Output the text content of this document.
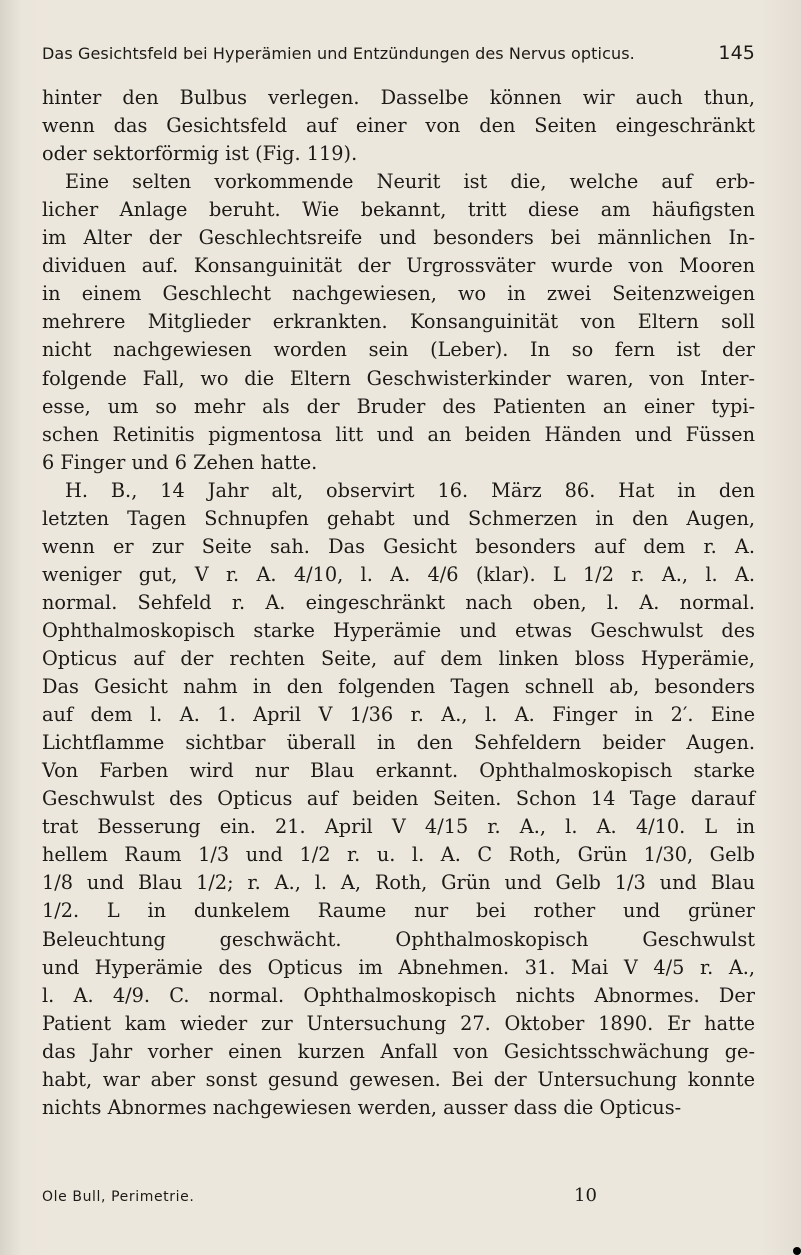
Das Gesichtsfeld bei Hyperämien und Entzündungen des Nervus opticus.	145
hinter den Bulbus verlegen. Dasselbe können wir auch thun,
wenn das Gesichtsfeld auf einer von den Seiten eingeschränkt
oder sektorförmig ist (Fig. 119).
Eine selten vorkommende Neurit ist die, welche auf erb-
licher Anlage beruht. Wie bekannt, tritt diese am häufigsten
im Alter der Geschlechtsreife und besonders bei männlichen In-
dividuen auf. Konsanguinität der Urgrossväter wurde von Mooren
in einem Geschlecht nachgewiesen, wo in zwei Seitenzweigen
mehrere Mitglieder erkrankten. Konsanguinität von Eltern soll
nicht nachgewiesen worden sein (Leber). In so fern ist der
folgende Fall, wo die Eltern Geschwisterkinder waren, von Inter-
esse, um so mehr als der Bruder des Patienten an einer typi-
schen Retinitis pigmentosa litt und an beiden Händen und Füssen
6 Finger und 6 Zehen hatte.
H. B., 14 Jahr alt, observirt 16. März 86. Hat in den
letzten Tagen Schnupfen gehabt und Schmerzen in den Augen,
wenn er zur Seite sah. Das Gesicht besonders auf dem r. A.
weniger gut, V r. A. 4/10, l. A. 4/6 (klar). L 1/2 r. A., l. A.
normal. Sehfeld r. A. eingeschränkt nach oben, l. A. normal.
Ophthalmoskopisch starke Hyperämie und etwas Geschwulst des
Opticus auf der rechten Seite, auf dem linken bloss Hyperämie,
Das Gesicht nahm in den folgenden Tagen schnell ab, besonders
auf dem l. A. 1. April V 1/36 r. A., l. A. Finger in 2′. Eine
Lichtflamme sichtbar überall in den Sehfeldern beider Augen.
Von Farben wird nur Blau erkannt. Ophthalmoskopisch starke
Geschwulst des Opticus auf beiden Seiten. Schon 14 Tage darauf
trat Besserung ein. 21. April V 4/15 r. A., l. A. 4/10. L in
hellem Raum 1/3 und 1/2 r. u. l. A. C Roth, Grün 1/30, Gelb
1/8 und Blau 1/2; r. A., l. A, Roth, Grün und Gelb 1/3 und Blau
1/2. L in dunkelem Raume nur bei rother und grüner
Beleuchtung geschwächt. Ophthalmoskopisch Geschwulst
und Hyperämie des Opticus im Abnehmen. 31. Mai V 4/5 r. A.,
l. A. 4/9. C. normal. Ophthalmoskopisch nichts Abnormes. Der
Patient kam wieder zur Untersuchung 27. Oktober 1890. Er hatte
das Jahr vorher einen kurzen Anfall von Gesichtsschwächung ge-
habt, war aber sonst gesund gewesen. Bei der Untersuchung konnte
nichts Abnormes nachgewiesen werden, ausser dass die Opticus-
Ole Bull, Perimetrie.	10
